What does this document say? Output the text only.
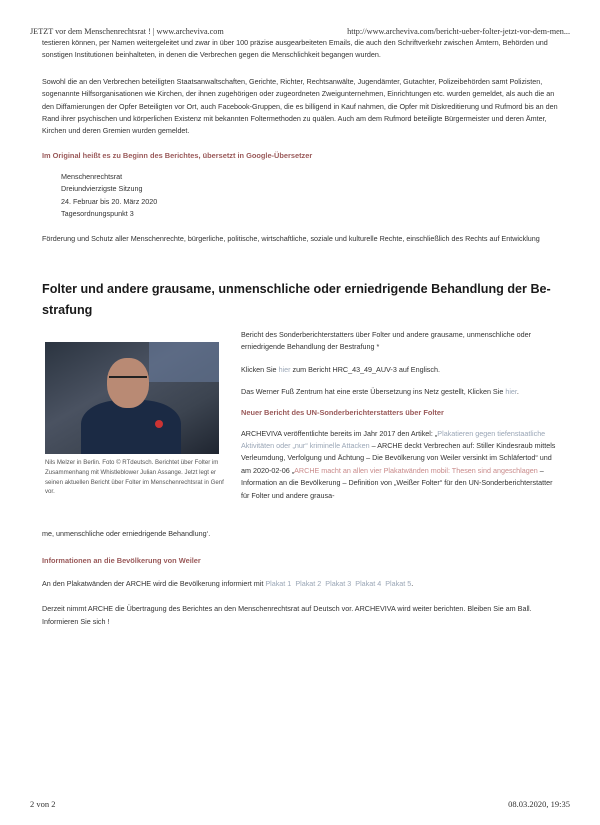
JETZT vor dem Menschenrechtsrat ! | www.archeviva.com	http://www.archeviva.com/bericht-ueber-folter-jetzt-vor-dem-men...

testieren können, per Namen weitergeleitet und zwar in über 100 präzise ausgearbeiteten Emails, die auch den Schriftverkehr zwischen Ämtern, Behörden und sonstigen Institutionen beinhalteten, in denen die Verbrechen gegen die Menschlichkeit begangen wurden.

Sowohl die an den Verbrechen beteiligten Staatsanwaltschaften, Gerichte, Richter, Rechtsanwälte, Jugendämter, Gutachter, Polizeibehörden samt Polizisten, sogenannte Hilfsorganisationen wie Kirchen, der ihnen zugehörigen oder zugeordneten Zweigunternehmen, Einrichtungen etc. wurden gemeldet, als auch die an den Diffamierungen der Opfer Beteiligten vor Ort, auch Facebook-Gruppen, die es billigend in Kauf nahmen, die Opfer mit Diskreditierung und Rufmord bis an den Rand ihrer psychischen und körperlichen Existenz mit bekannten Foltermethoden zu quälen. Auch am dem Rufmord beteiligte Bürgermeister und deren Ämter, Kirchen und deren Gremien wurden gemeldet.

Im Original heißt es zu Beginn des Berichtes, übersetzt in Google-Übersetzer

Menschenrechtsrat

Dreiundvierzigste Sitzung

24. Februar bis 20. März 2020

Tagesordnungspunkt 3

Förderung und Schutz aller Menschenrechte, bürgerliche, politische, wirtschaftliche, soziale und kulturelle Rechte, einschließlich des Rechts auf Entwicklung

Folter und andere grausame, unmenschliche oder erniedrigende Behandlung der Be-

strafung

Nils Melzer in Berlin. Foto © RTdeutsch. Berichtet über Folter im Zusammenhang mit Whistleblower Julian Assange. Jetzt legt er seinen aktuellen Bericht über Folter im Menschenrechtsrat in Genf vor.

Bericht des Sonderberichterstatters über Folter und andere grausame, unmenschliche oder erniedrigende Behandlung der Bestrafung *

Klicken Sie hier zum Bericht HRC_43_49_AUV-3 auf Englisch.

Das Werner Fuß Zentrum hat eine erste Übersetzung ins Netz gestellt, Klicken Sie hier.

Neuer Bericht des UN-Sonderberichterstatters über Folter

ARCHEVIVA veröffentlichte bereits im Jahr 2017 den Artikel: „Plakatieren gegen tiefenstaatliche Aktivitäten oder „nur“ kriminelle Attacken – ARCHE deckt Verbrechen auf: Stiller Kindesraub mittels Verleumdung, Verfolgung und Ächtung – Die Bevölkerung von Weiler versinkt im Schläfertod“ und am 2020-02-06 „ARCHE macht an allen vier Plakatwänden mobil: Thesen sind angeschlagen – Information an die Bevölkerung – Definition von „Weißer Folter“ für den UN-Sonderberichterstatter für Folter und andere grausa-

me, unmenschliche oder erniedrigende Behandlung‘.

Informationen an die Bevölkerung von Weiler

An den Plakatwänden der ARCHE wird die Bevölkerung informiert mit Plakat 1 Plakat 2 Plakat 3 Plakat 4 Plakat 5.

Derzeit nimmt ARCHE die Übertragung des Berichtes an den Menschenrechtsrat auf Deutsch vor. ARCHEVIVA wird weiter berichten. Bleiben Sie am Ball. Informieren Sie sich !

2 von 2	08.03.2020, 19:35
